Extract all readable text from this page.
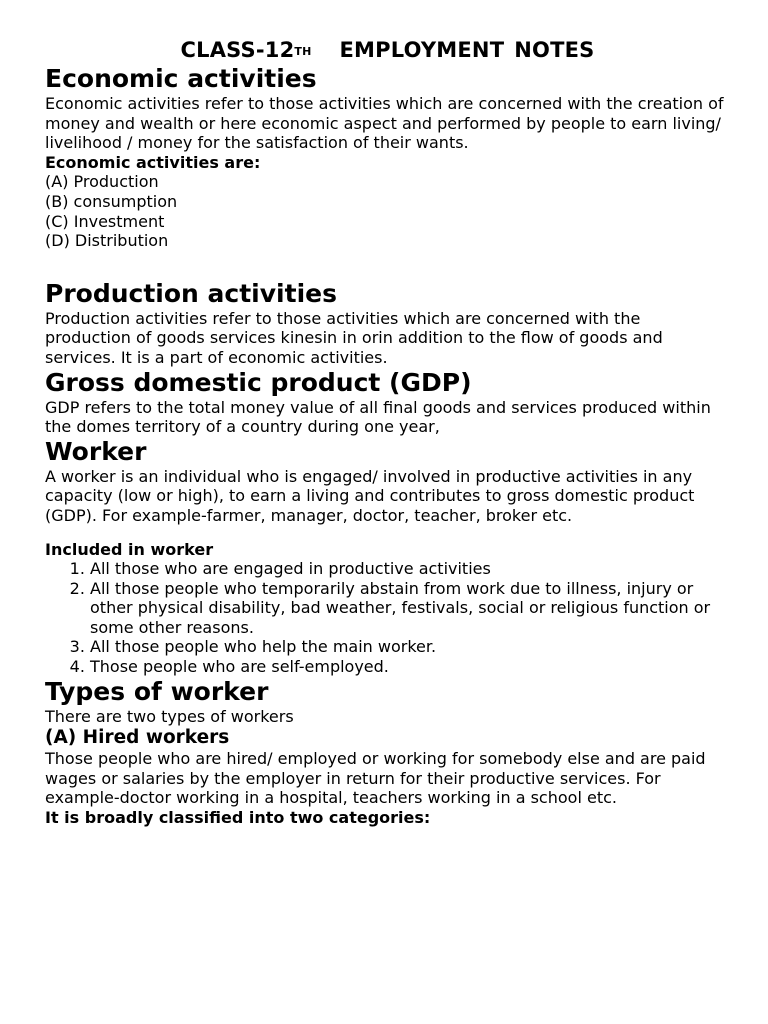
CLASS-12TH EMPLOYMENT NOTES
Economic activities

Economic activities refer to those activities which are concerned with the creation of money and wealth or here economic aspect and performed by people to earn living/ livelihood / money for the satisfaction of their wants.

Economic activities are:

(A) Production
(B) consumption
(C) Investment
(D) Distribution
Production activities

Production activities refer to those activities which are concerned with the production of goods services kinesin in orin addition to the flow of goods and services. It is a part of economic activities.

Gross domestic product (GDP)

GDP refers to the total money value of all final goods and services produced within the domes territory of a country during one year,

Worker

A worker is an individual who is engaged/ involved in productive activities in any capacity (low or high), to earn a living and contributes to gross domestic product (GDP). For example-farmer, manager, doctor, teacher, broker etc.

Included in worker

1. All those who are engaged in productive activities
2. All those people who temporarily abstain from work due to illness, injury or other physical disability, bad weather, festivals, social or religious function or some other reasons.
3. All those people who help the main worker.
4. Those people who are self-employed.
Types of worker

There are two types of workers

(A) Hired workers

Those people who are hired/ employed or working for somebody else and are paid wages or salaries by the employer in return for their productive services. For example-doctor working in a hospital, teachers working in a school etc.

It is broadly classified into two categories:
